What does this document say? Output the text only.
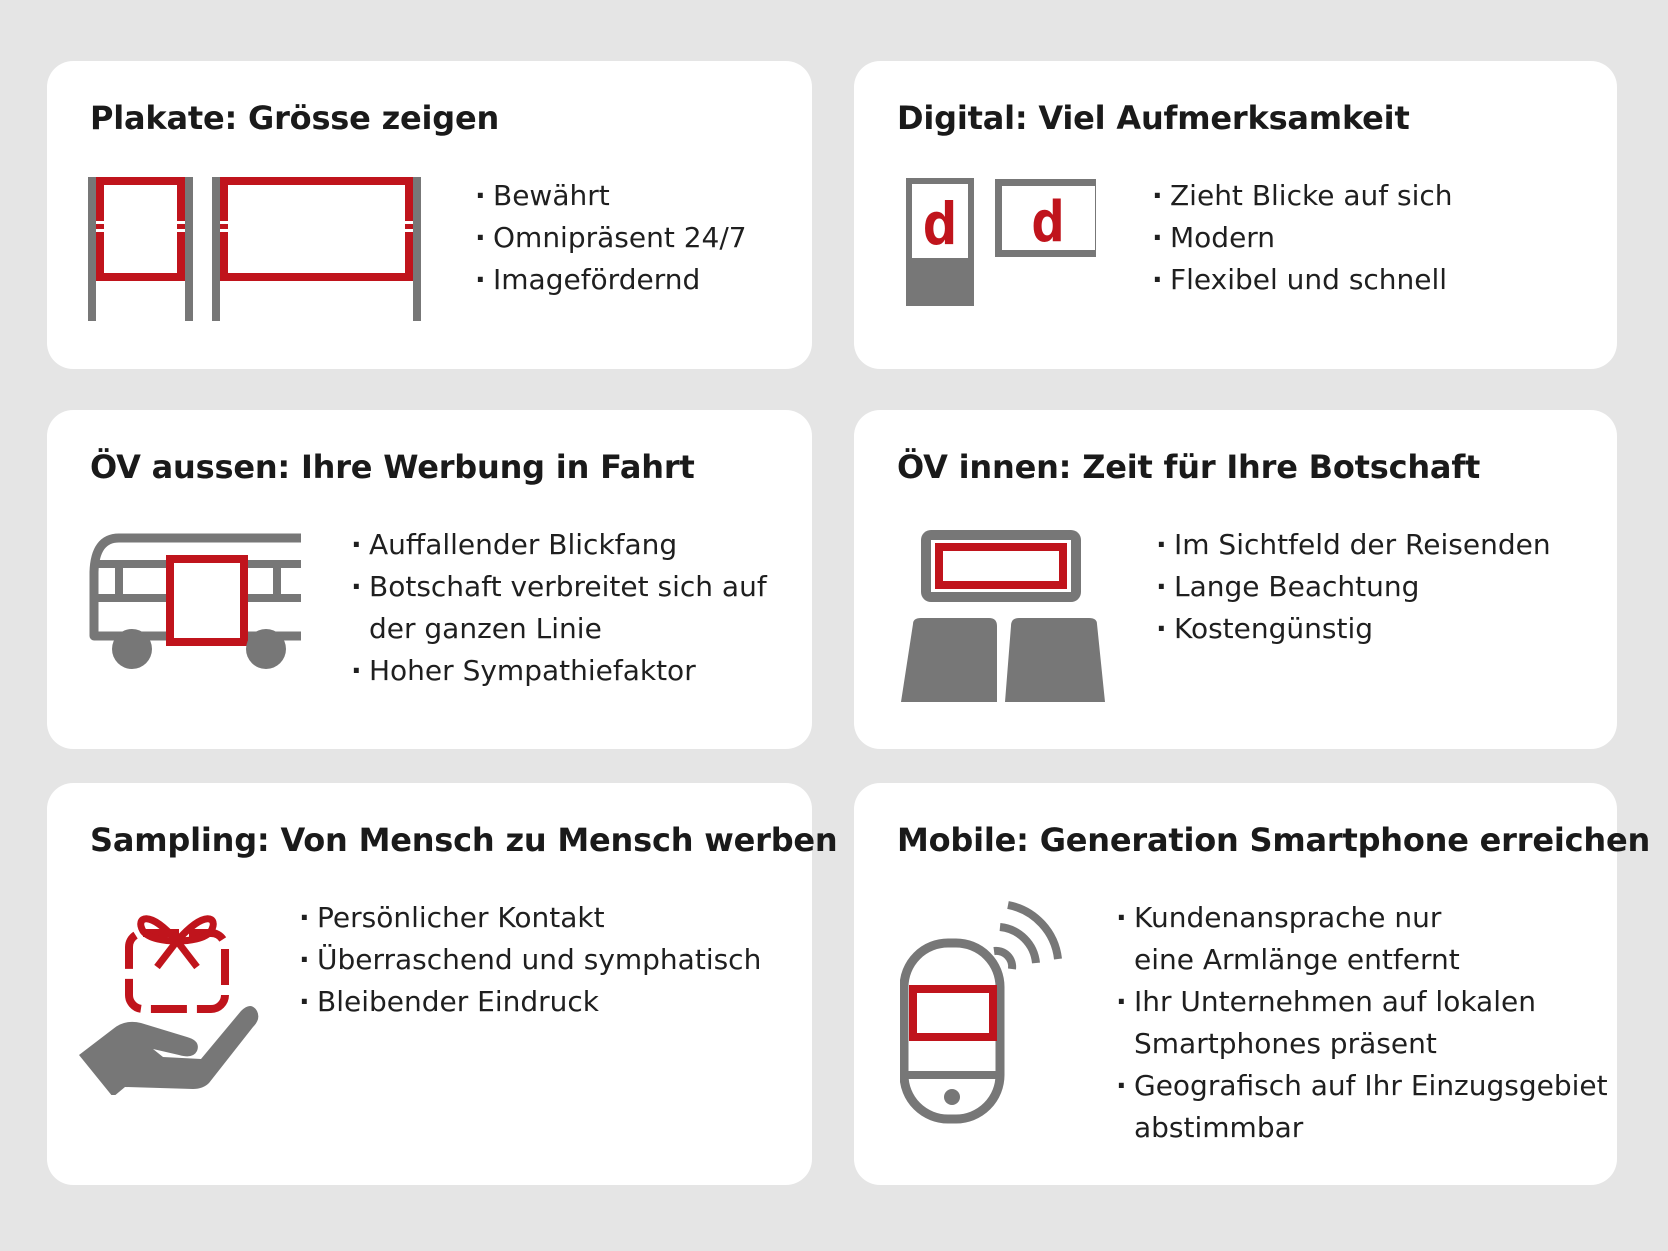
Plakate: Grösse zeigen
· Bewährt
· Omnipräsent 24/7
· Imagefördernd
Digital: Viel Aufmerksamkeit
d d
·	Zieht Blicke auf sich
· Modern
· Flexibel und schnell
ÖV aussen: Ihre Werbung in Fahrt
· Auffallender Blickfang
· Botschaft verbreitet sich auf
der ganzen Linie
· Hoher Sympathiefaktor
ÖV innen: Zeit für Ihre Botschaft
· Im Sichtfeld der Reisenden
· Lange Beachtung
· Kostengünstig
Sampling: Von Mensch zu Mensch werben
· Persönlicher Kontakt
· Überraschend und symphatisch
· Bleibender Eindruck
Mobile: Generation Smartphone erreichen
· Kundenansprache nur
eine Armlänge entfernt
· Ihr Unternehmen auf lokalen
Smartphones präsent
· Geografisch auf Ihr Einzugsgebiet
abstimmbar
